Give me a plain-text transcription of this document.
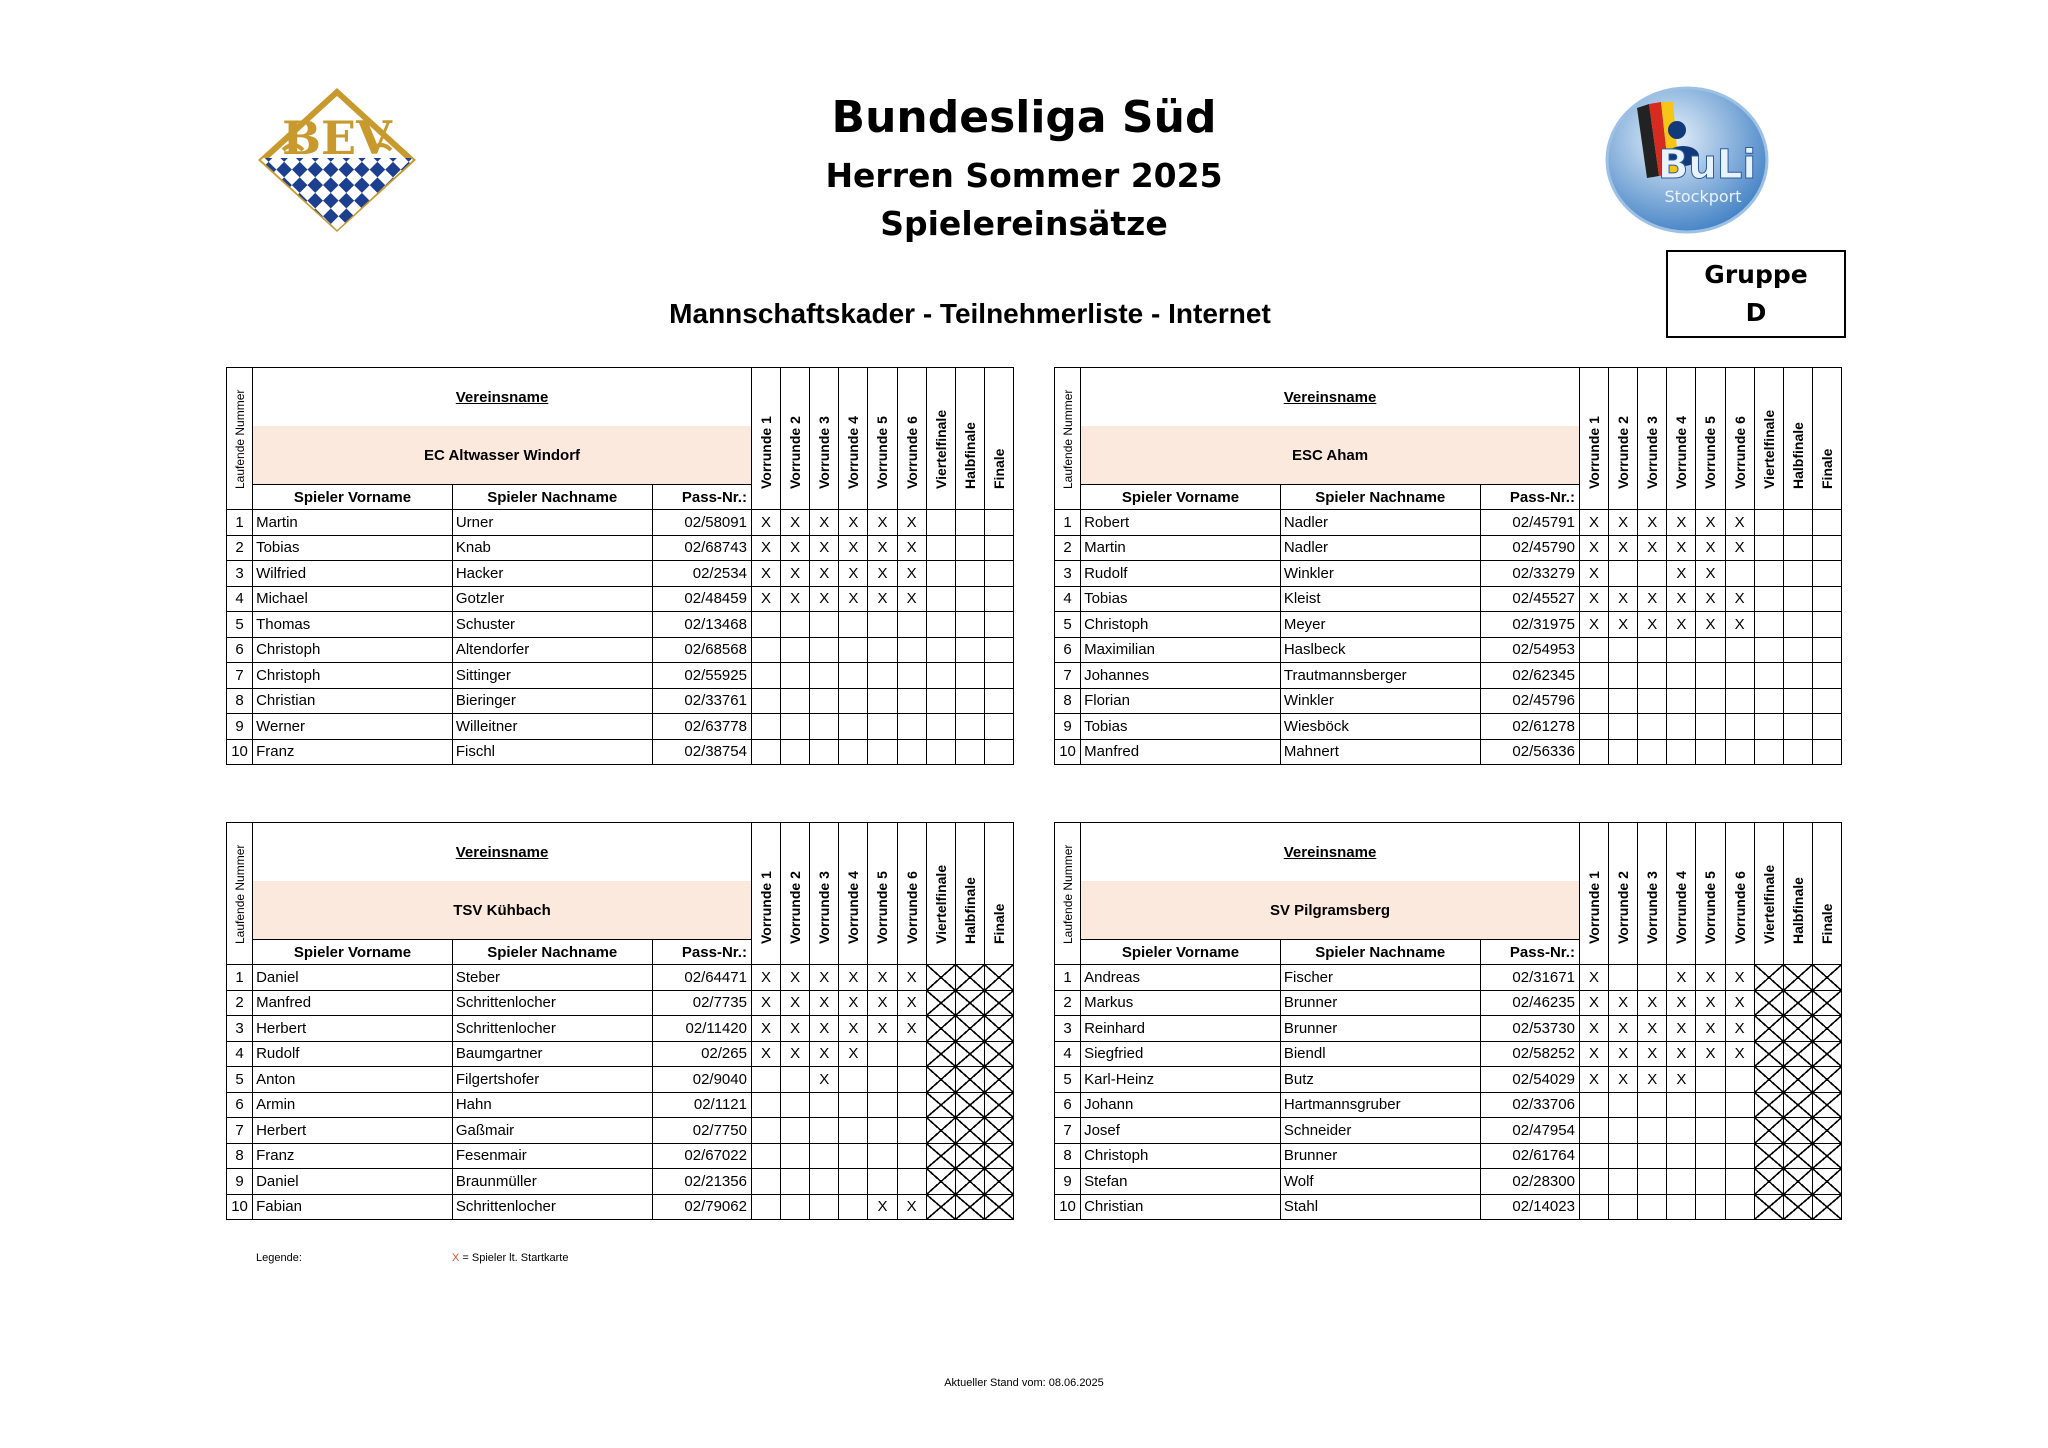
BEV	BuLi
Stockport
Bundesliga Süd
Herren Sommer 2025
Spielereinsätze
Mannschaftskader - Teilnehmerliste - Internet
Gruppe
D
Laufende Nummer	Vereinsname			Vorrunde 1	Vorrunde 2	Vorrunde 3	Vorrunde 4	Vorrunde 5	Vorrunde 6	Viertelfinale	Halbfinale	Finale

	EC Altwasser Windorf											
	Spieler Vorname	Spieler Nachname	Pass-Nr.:									
1	Martin	Urner	02/58091	X	X	X	X	X	X			
2	Tobias	Knab	02/68743	X	X	X	X	X	X			
3	Wilfried	Hacker	02/2534	X	X	X	X	X	X			
4	Michael	Gotzler	02/48459	X	X	X	X	X	X			
5	Thomas	Schuster	02/13468									
6	Christoph	Altendorfer	02/68568									
7	Christoph	Sittinger	02/55925									
8	Christian	Bieringer	02/33761									
9	Werner	Willeitner	02/63778									
10	Franz	Fischl	02/38754									
Laufende Nummer	Vereinsname			Vorrunde 1	Vorrunde 2	Vorrunde 3	Vorrunde 4	Vorrunde 5	Vorrunde 6	Viertelfinale	Halbfinale	Finale

	ESC Aham											
	Spieler Vorname	Spieler Nachname	Pass-Nr.:									
1	Robert	Nadler	02/45791	X	X	X	X	X	X			
2	Martin	Nadler	02/45790	X	X	X	X	X	X			
3	Rudolf	Winkler	02/33279	X			X	X				
4	Tobias	Kleist	02/45527	X	X	X	X	X	X			
5	Christoph	Meyer	02/31975	X	X	X	X	X	X			
6	Maximilian	Haslbeck	02/54953									
7	Johannes	Trautmannsberger	02/62345									
8	Florian	Winkler	02/45796									
9	Tobias	Wiesböck	02/61278									
10	Manfred	Mahnert	02/56336									
Laufende Nummer	Vereinsname			Vorrunde 1	Vorrunde 2	Vorrunde 3	Vorrunde 4	Vorrunde 5	Vorrunde 6	Viertelfinale	Halbfinale	Finale

	TSV Kühbach											
	Spieler Vorname	Spieler Nachname	Pass-Nr.:									
1	Daniel	Steber	02/64471	X	X	X	X	X	X			
2	Manfred	Schrittenlocher	02/7735	X	X	X	X	X	X			
3	Herbert	Schrittenlocher	02/11420	X	X	X	X	X	X			
4	Rudolf	Baumgartner	02/265	X	X	X	X					
5	Anton	Filgertshofer	02/9040			X						
6	Armin	Hahn	02/1121									
7	Herbert	Gaßmair	02/7750									
8	Franz	Fesenmair	02/67022									
9	Daniel	Braunmüller	02/21356									
10	Fabian	Schrittenlocher	02/79062					X	X			
Laufende Nummer	Vereinsname			Vorrunde 1	Vorrunde 2	Vorrunde 3	Vorrunde 4	Vorrunde 5	Vorrunde 6	Viertelfinale	Halbfinale	Finale

	SV Pilgramsberg											
	Spieler Vorname	Spieler Nachname	Pass-Nr.:									
1	Andreas	Fischer	02/31671	X			X	X	X			
2	Markus	Brunner	02/46235	X	X	X	X	X	X			
3	Reinhard	Brunner	02/53730	X	X	X	X	X	X			
4	Siegfried	Biendl	02/58252	X	X	X	X	X	X			
5	Karl-Heinz	Butz	02/54029	X	X	X	X					
6	Johann	Hartmannsgruber	02/33706									
7	Josef	Schneider	02/47954									
8	Christoph	Brunner	02/61764									
9	Stefan	Wolf	02/28300									
10	Christian	Stahl	02/14023									
Legende:	X = Spieler lt. Startkarte
Aktueller Stand vom: 08.06.2025
